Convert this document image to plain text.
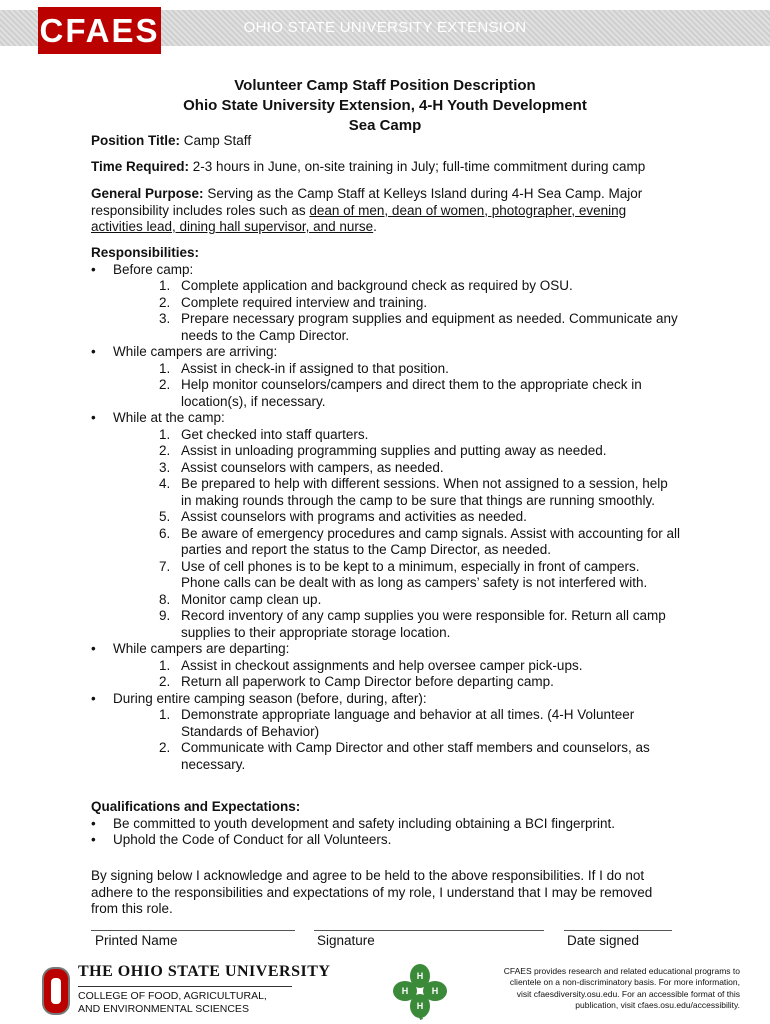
OHIO STATE UNIVERSITY EXTENSION
CFAES
Volunteer Camp Staff Position Description
Ohio State University Extension, 4-H Youth Development
Sea Camp
Position Title: Camp Staff
Time Required: 2-3 hours in June, on-site training in July; full-time commitment during camp
General Purpose: Serving as the Camp Staff at Kelleys Island during 4-H Sea Camp. Major responsibility includes roles such as dean of men, dean of women, photographer, evening activities lead, dining hall supervisor, and nurse.
Responsibilities:
• Before camp:
1. Complete application and background check as required by OSU.
2. Complete required interview and training.
3. Prepare necessary program supplies and equipment as needed. Communicate any needs to the Camp Director.
• While campers are arriving:
1. Assist in check-in if assigned to that position.
2. Help monitor counselors/campers and direct them to the appropriate check in location(s), if necessary.
• While at the camp:
1. Get checked into staff quarters.
2. Assist in unloading programming supplies and putting away as needed.
3. Assist counselors with campers, as needed.
4. Be prepared to help with different sessions. When not assigned to a session, help in making rounds through the camp to be sure that things are running smoothly.
5. Assist counselors with programs and activities as needed.
6. Be aware of emergency procedures and camp signals. Assist with accounting for all parties and report the status to the Camp Director, as needed.
7. Use of cell phones is to be kept to a minimum, especially in front of campers. Phone calls can be dealt with as long as campers’ safety is not interfered with.
8. Monitor camp clean up.
9. Record inventory of any camp supplies you were responsible for. Return all camp supplies to their appropriate storage location.
• While campers are departing:
1. Assist in checkout assignments and help oversee camper pick-ups.
2. Return all paperwork to Camp Director before departing camp.
• During entire camping season (before, during, after):
1. Demonstrate appropriate language and behavior at all times. (4-H Volunteer Standards of Behavior)
2. Communicate with Camp Director and other staff members and counselors, as necessary.
Qualifications and Expectations:
• Be committed to youth development and safety including obtaining a BCI fingerprint.
• Uphold the Code of Conduct for all Volunteers.
By signing below I acknowledge and agree to be held to the above responsibilities. If I do not adhere to the responsibilities and expectations of my role, I understand that I may be removed from this role.
Printed Name	Signature	Date signed
THE OHIO STATE UNIVERSITY
COLLEGE OF FOOD, AGRICULTURAL,
AND ENVIRONMENTAL SCIENCES
H
H
H	H
CFAES provides research and related educational programs to clientele on a non-discriminatory basis. For more information, visit cfaesdiversity.osu.edu. For an accessible format of this publication, visit cfaes.osu.edu/accessibility.
